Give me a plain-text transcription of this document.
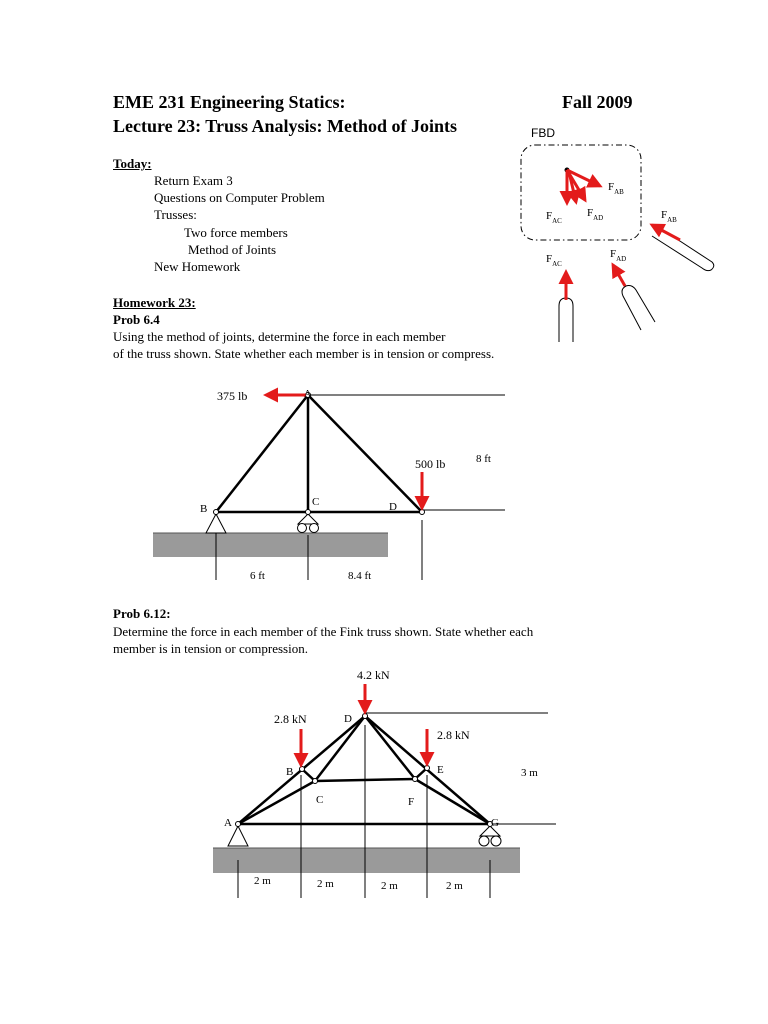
EME 231 Engineering Statics:	Fall 2009
Lecture 23: Truss Analysis: Method of Joints
Today:
Return Exam 3
Questions on Computer Problem
Trusses:
Two force members
Method of Joints
New Homework
Homework 23:
Prob 6.4
Using the method of joints, determine the force in each member
of the truss shown. State whether each member is in tension or compress.
Prob 6.12:
Determine the force in each member of the Fink truss shown. State whether each
member is in tension or compression.
FBD
$F_{AB}$
$F_{AC}$
$F_{AD}$	$F_{AB}$
$F_{AC}$
$F_{AD}$
375 lb
500 lb	8 ft
6 ft	8.4 ft
A
B
C	D
4.2 kN
2.8 kN
2.8 kN
3 m
2 m	2 m	2 m	2 m
A
B
C
D
E
F
G
